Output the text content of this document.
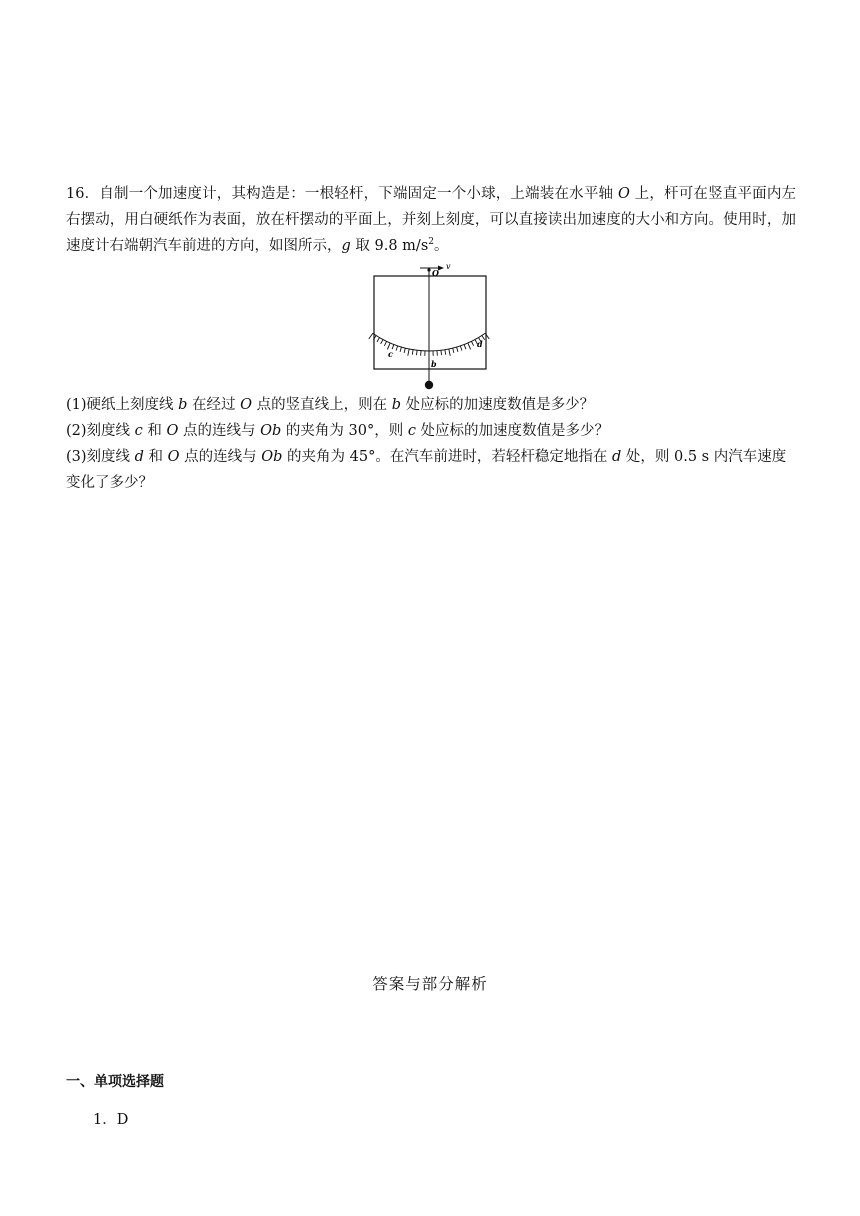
16．自制一个加速度计，其构造是：一根轻杆，下端固定一个小球，上端装在水平轴 O 上，杆可在竖直平面内左右摆动，用白硬纸作为表面，放在杆摆动的平面上，并刻上刻度，可以直接读出加速度的大小和方向。使用时，加速度计右端朝汽车前进的方向，如图所示，g 取 9.8 $m/s^2$。

v
O
c
b
d

(1)硬纸上刻度线 b 在经过 O 点的竖直线上，则在 b 处应标的加速度数值是多少？

(2)刻度线 c 和 O 点的连线与 Ob 的夹角为 30°，则 c 处应标的加速度数值是多少？

(3)刻度线 d 和 O 点的连线与 Ob 的夹角为 45°。在汽车前进时，若轻杆稳定地指在 d 处，则 0.5 s 内汽车速度变化了多少？

答案与部分解析
一、单项选择题
1．D
